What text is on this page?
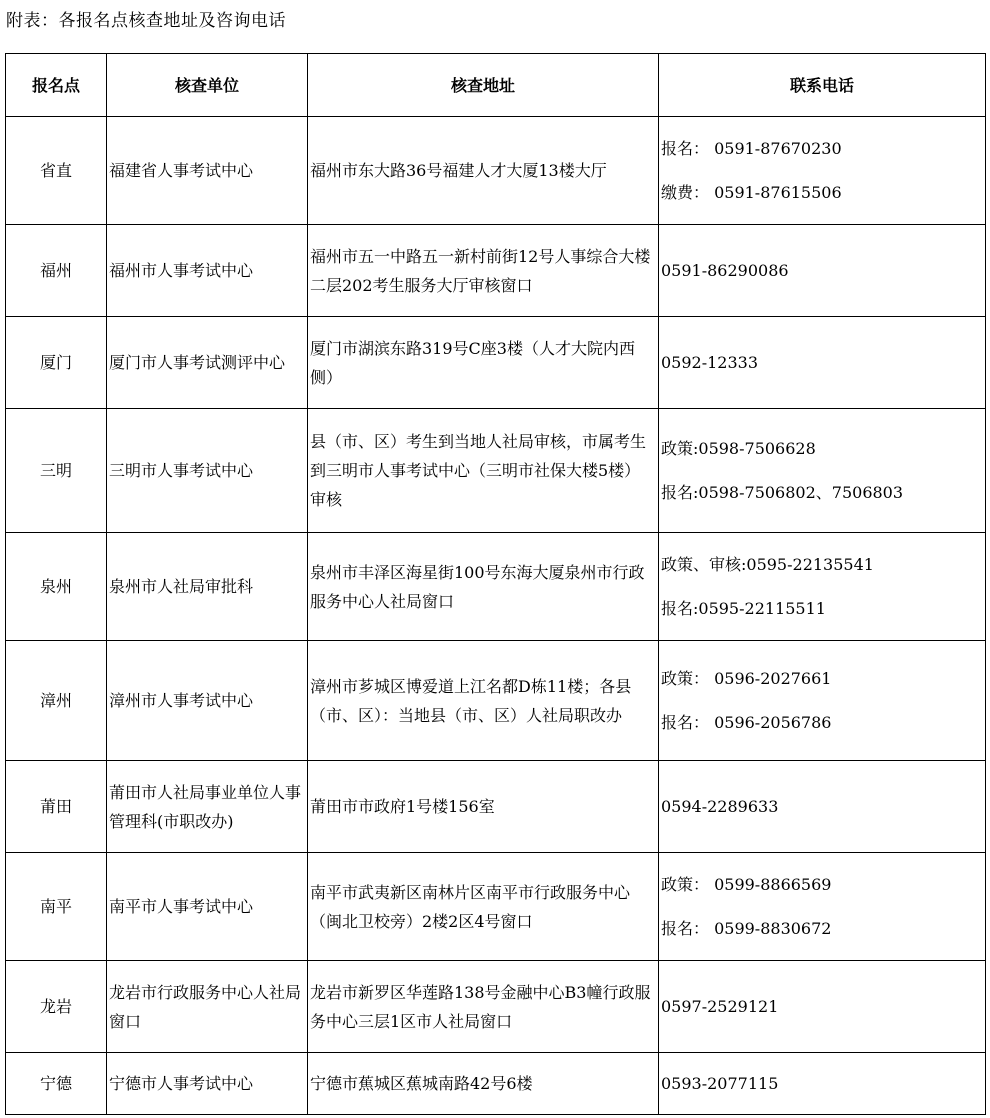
附表：各报名点核查地址及咨询电话
报名点	核查单位	核查地址	联系电话
省直	福建省人事考试中心	福州市东大路36号福建人才大厦13楼大厅	报名： 0591-87670230
缴费： 0591-87615506

福州	福州市人事考试中心	福州市五一中路五一新村前街12号人事综合大楼二层202考生服务大厅审核窗口	0591-86290086

厦门	厦门市人事考试测评中心	厦门市湖滨东路319号C座3楼（人才大院内西侧）	0592-12333

三明	三明市人事考试中心	县（市、区）考生到当地人社局审核，市属考生到三明市人事考试中心（三明市社保大楼5楼）审核	政策:0598-7506628
报名:0598-7506802、7506803

泉州	泉州市人社局审批科	泉州市丰泽区海星街100号东海大厦泉州市行政服务中心人社局窗口	政策、审核:0595-22135541
报名:0595-22115511

漳州	漳州市人事考试中心	漳州市芗城区博爱道上江名都D栋11楼；各县（市、区）：当地县（市、区）人社局职改办	政策： 0596-2027661
报名： 0596-2056786

莆田	莆田市人社局事业单位人事管理科(市职改办)	莆田市市政府1号楼156室	0594-2289633

南平	南平市人事考试中心	南平市武夷新区南林片区南平市行政服务中心（闽北卫校旁）2楼2区4号窗口	政策： 0599-8866569
报名： 0599-8830672

龙岩	龙岩市行政服务中心人社局窗口	龙岩市新罗区华莲路138号金融中心B3幢行政服务中心三层1区市人社局窗口	0597-2529121

宁德	宁德市人事考试中心	宁德市蕉城区蕉城南路42号6楼	0593-2077115
